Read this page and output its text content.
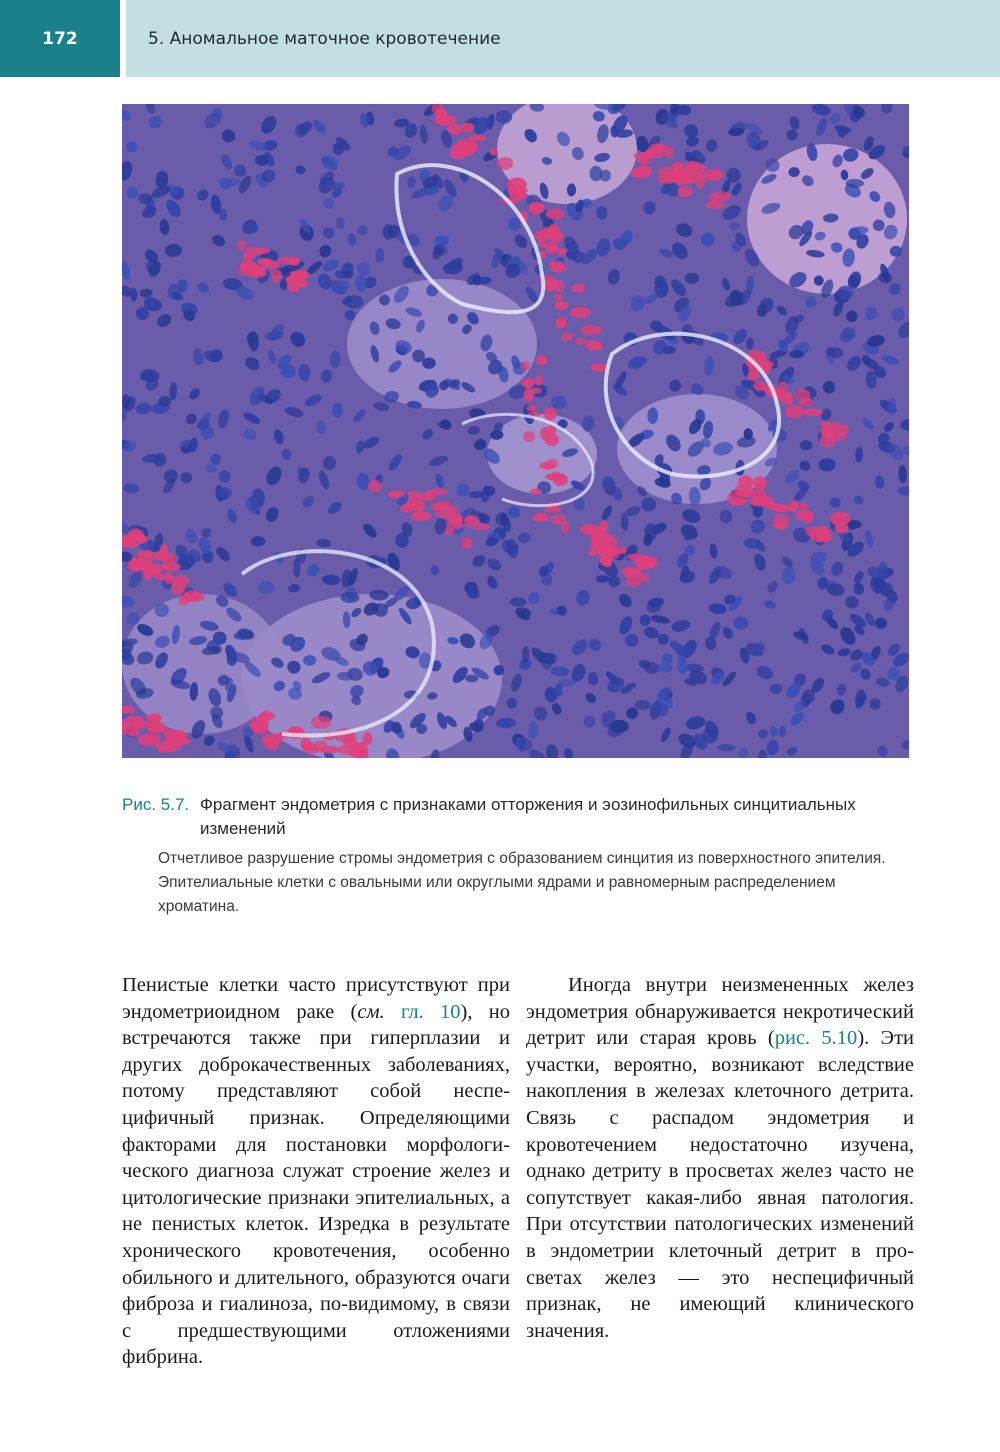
172	5. Аномальное маточное кровотечение
Рис. 5.7. Фрагмент эндометрия с признаками отторжения и эозинофильных синцитиальных изменений
Отчетливое разрушение стромы эндометрия с образованием синцития из поверхностного эпителия. Эпителиальные клетки с овальными или округлыми ядрами и равномерным распределением хроматина.

Пенистые клетки часто присутствуют при эндометриоидном раке (см. гл. 10), но встречаются также при гиперплазии и других доброкачественных заболеваниях, потому представляют собой неспецифичный признак. Определяющими факторами для постановки морфологического диагноза служат строение желез и цитологические признаки эпителиальных, а не пенистых клеток. Изредка в результате хронического кровотечения, особенно обильного и длительного, образуются очаги фиброза и гиалиноза, по-видимому, в связи с предшествующими отложениями фибрина.

Иногда внутри неизмененных желез эндометрия обнаруживается некротический детрит или старая кровь (рис. 5.10). Эти участки, вероятно, возникают вследствие накопления в железах клеточного детрита. Связь с распадом эндометрия и кровотечением недостаточно изучена, однако детриту в просветах желез часто не сопутствует какая-либо явная патология. При отсутствии патологических изменений в эндометрии клеточный детрит в просветах желез — это неспецифичный признак, не имеющий клинического значения.
